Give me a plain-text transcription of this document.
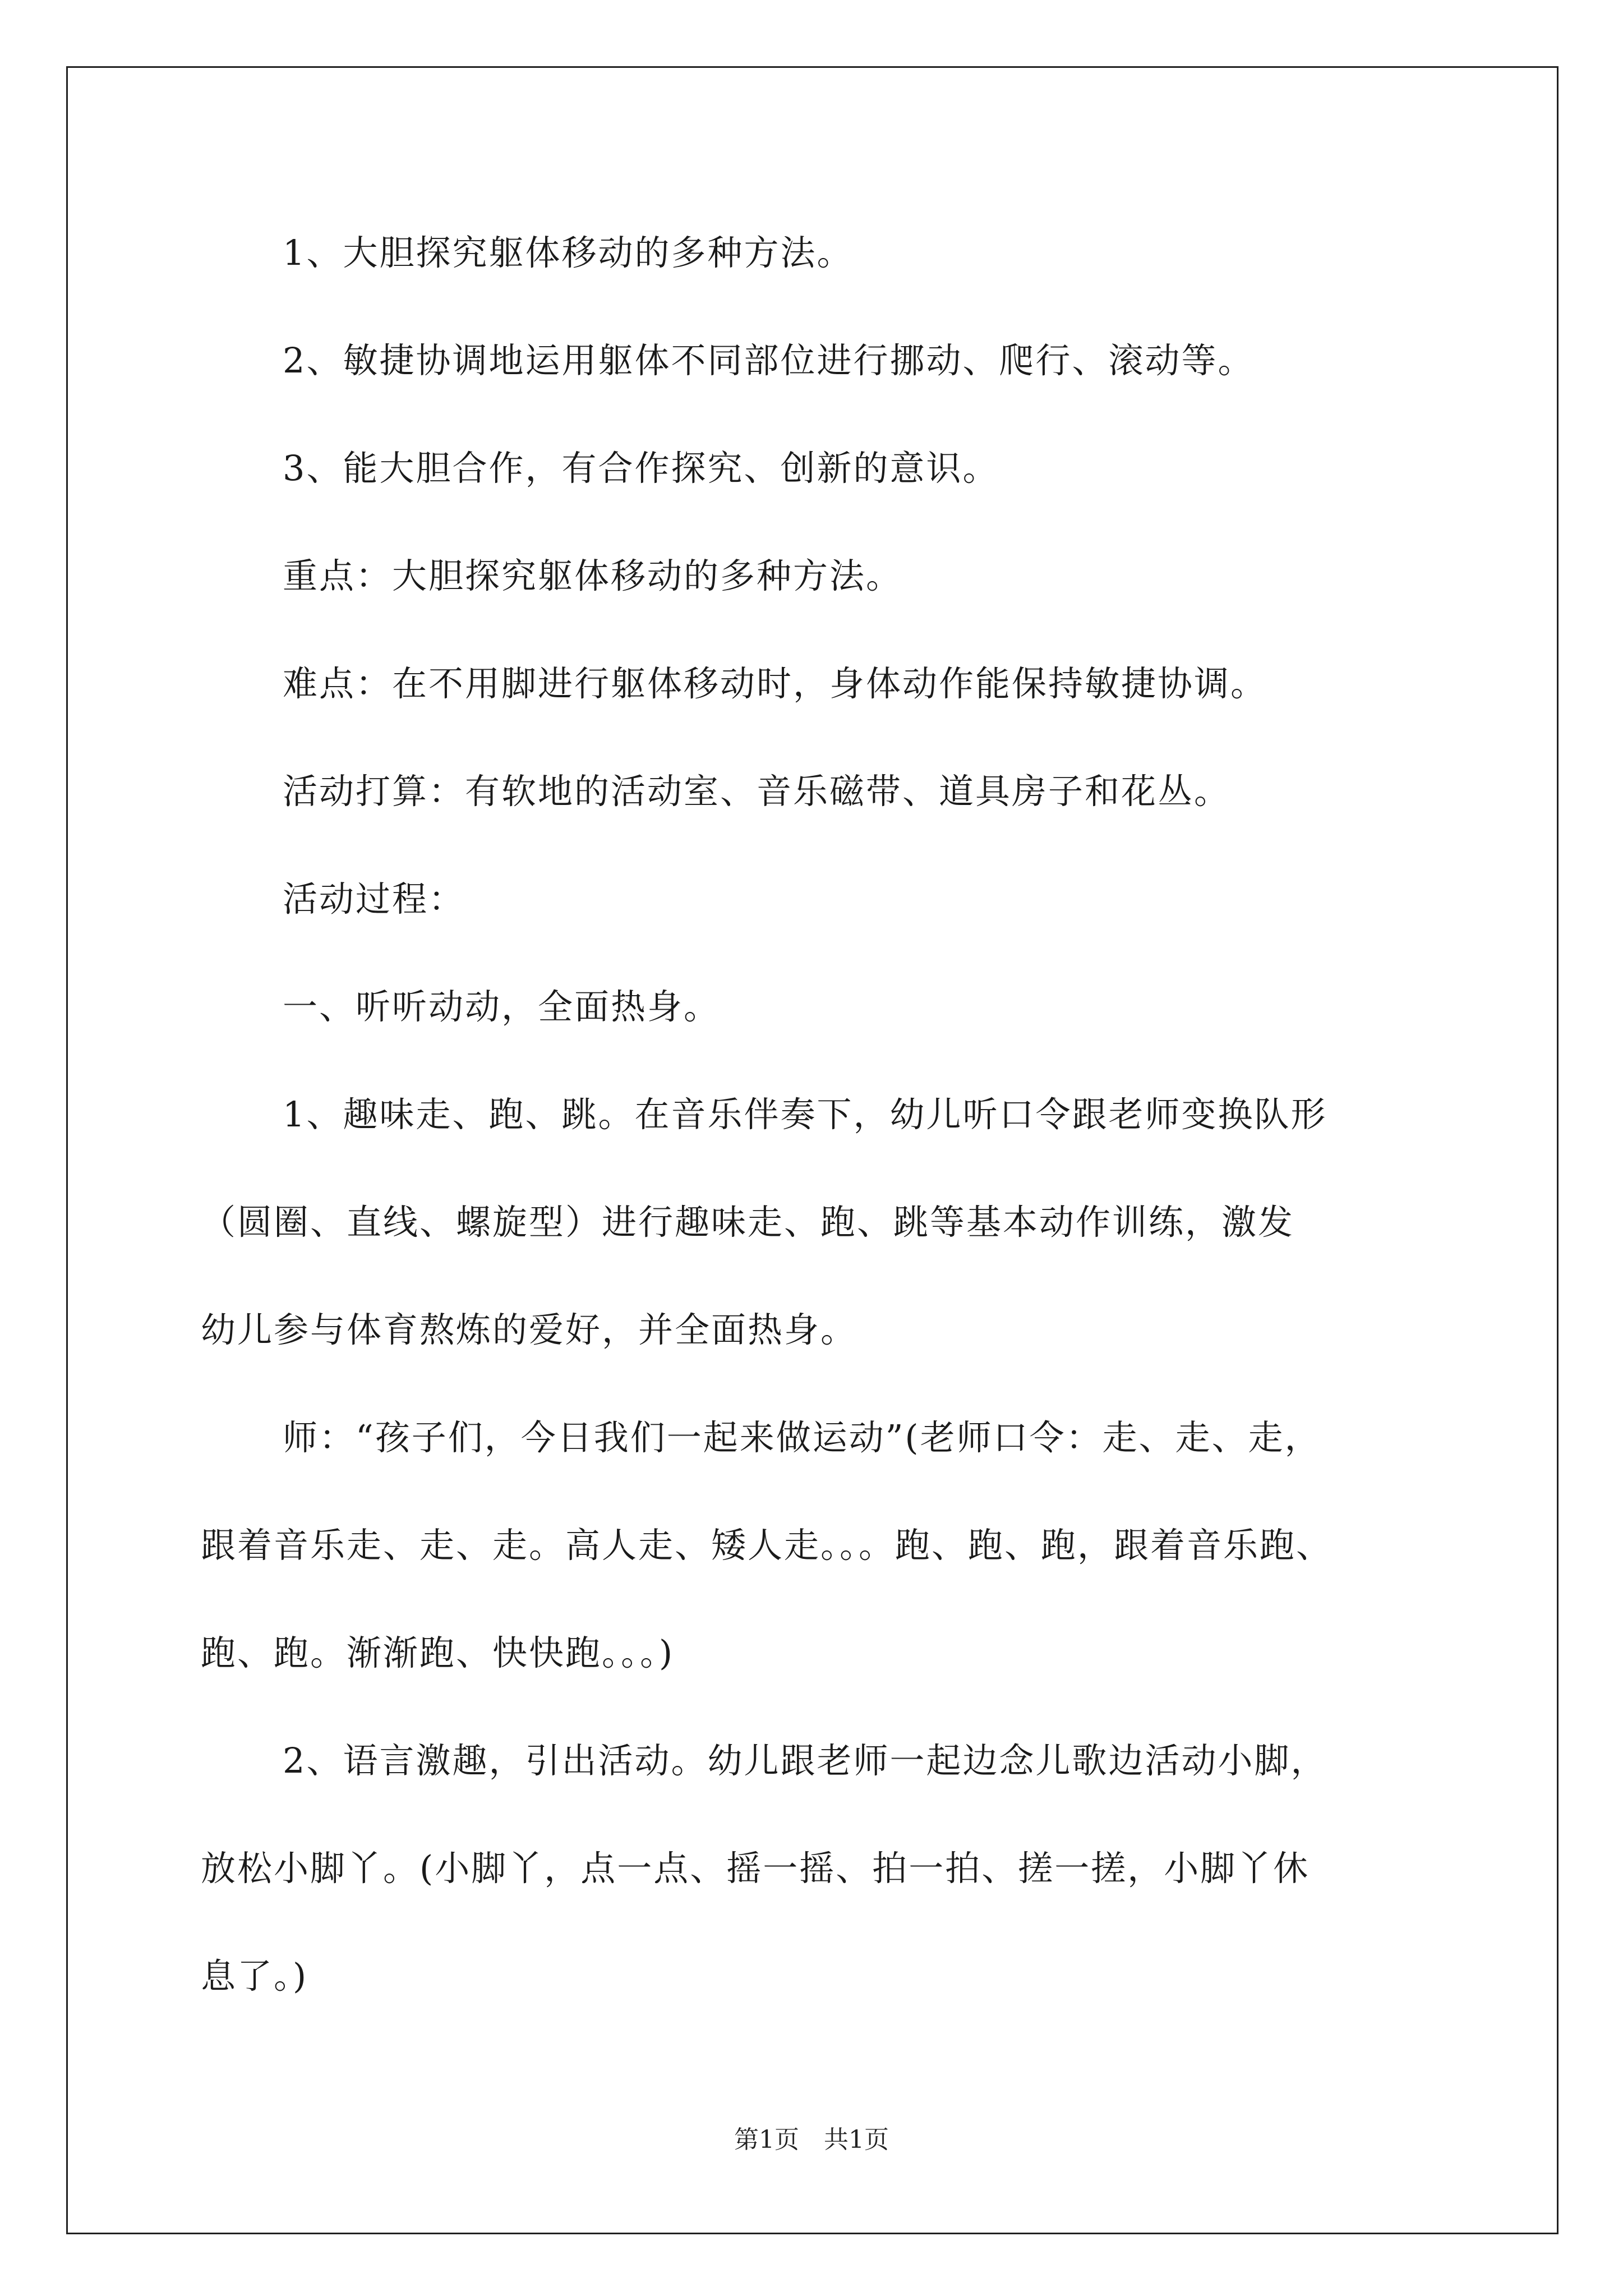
1、大胆探究躯体移动的多种方法。
2、敏捷协调地运用躯体不同部位进行挪动、爬行、滚动等。
3、能大胆合作，有合作探究、创新的意识。
重点：大胆探究躯体移动的多种方法。
难点：在不用脚进行躯体移动时，身体动作能保持敏捷协调。
活动打算：有软地的活动室、音乐磁带、道具房子和花丛。
活动过程：
一、听听动动，全面热身。
1、趣味走、跑、跳。在音乐伴奏下，幼儿听口令跟老师变换队形
（圆圈、直线、螺旋型）进行趣味走、跑、跳等基本动作训练，激发
幼儿参与体育熬炼的爱好，并全面热身。
师：“孩子们，今日我们一起来做运动”(老师口令：走、走、走，
跟着音乐走、走、走。高人走、矮人走。。。跑、跑、跑，跟着音乐跑、
跑、跑。渐渐跑、快快跑。。。)
2、语言激趣，引出活动。幼儿跟老师一起边念儿歌边活动小脚，
放松小脚丫。(小脚丫，点一点、摇一摇、拍一拍、搓一搓，小脚丫休
息了。)
第1页　共1页
